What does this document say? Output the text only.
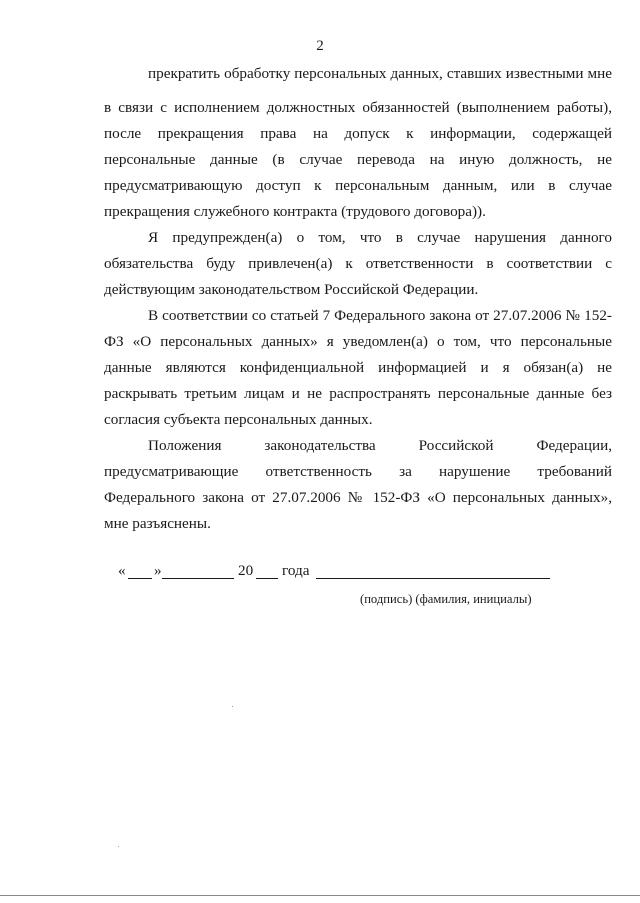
2
прекратить обработку персональных данных, ставших известными мне
в связи с исполнением должностных обязанностей (выполнением работы),
после прекращения права на допуск к информации, содержащей
персональные данные (в случае перевода на иную должность, не
предусматривающую доступ к персональным данным, или в случае
прекращения служебного контракта (трудового договора)).
Я предупрежден(а) о том, что в случае нарушения данного
обязательства буду привлечен(а) к ответственности в соответствии с
действующим законодательством Российской Федерации.
В соответствии со статьей 7 Федерального закона от 27.07.2006 № 152-
ФЗ «О персональных данных» я уведомлен(а) о том, что персональные
данные являются конфиденциальной информацией и я обязан(а) не
раскрывать третьим лицам и не распространять персональные данные без
согласия субъекта персональных данных.
Положения законодательства Российской Федерации,
предусматривающие ответственность за нарушение требований
Федерального закона от 27.07.2006 № 152-ФЗ «О персональных данных»,
мне разъяснены.
« »	20 года
(подпись) (фамилия, инициалы)
